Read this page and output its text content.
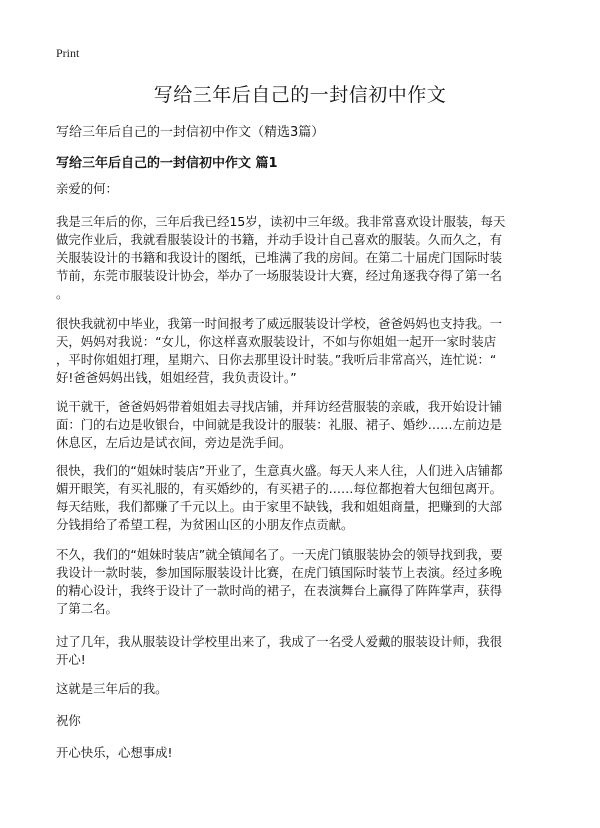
Print
写给三年后自己的一封信初中作文
写给三年后自己的一封信初中作文（精选3篇）
写给三年后自己的一封信初中作文 篇1
亲爱的何：
我是三年后的你，三年后我已经15岁，读初中三年级。我非常喜欢设计服装，每天
做完作业后，我就看服装设计的书籍，并动手设计自己喜欢的服装。久而久之，有
关服装设计的书籍和我设计的图纸，已堆满了我的房间。在第二十届虎门国际时装
节前，东莞市服装设计协会，举办了一场服装设计大赛，经过角逐我夺得了第一名
。
很快我就初中毕业，我第一时间报考了威远服装设计学校，爸爸妈妈也支持我。一
天，妈妈对我说：“女儿，你这样喜欢服装设计，不如与你姐姐一起开一家时装店
，平时你姐姐打理，星期六、日你去那里设计时装。”我听后非常高兴，连忙说：“
好!爸爸妈妈出钱，姐姐经营，我负责设计。”
说干就干，爸爸妈妈带着姐姐去寻找店铺，并拜访经营服装的亲戚，我开始设计铺
面：门的右边是收银台，中间就是我设计的服装：礼服、裙子、婚纱……左前边是
休息区，左后边是试衣间，旁边是洗手间。
很快，我们的“姐妹时装店”开业了，生意真火盛。每天人来人往，人们进入店铺都
媚开眼笑，有买礼服的，有买婚纱的，有买裙子的……每位都抱着大包细包离开。
每天结账，我们都赚了千元以上。由于家里不缺钱，我和姐姐商量，把赚到的大部
分钱捐给了希望工程，为贫困山区的小朋友作点贡献。
不久，我们的“姐妹时装店”就全镇闻名了。一天虎门镇服装协会的领导找到我，要
我设计一款时装，参加国际服装设计比赛，在虎门镇国际时装节上表演。经过多晚
的精心设计，我终于设计了一款时尚的裙子，在表演舞台上赢得了阵阵掌声，获得
了第二名。
过了几年，我从服装设计学校里出来了，我成了一名受人爱戴的服装设计师，我很
开心!
这就是三年后的我。
祝你
开心快乐，心想事成!
